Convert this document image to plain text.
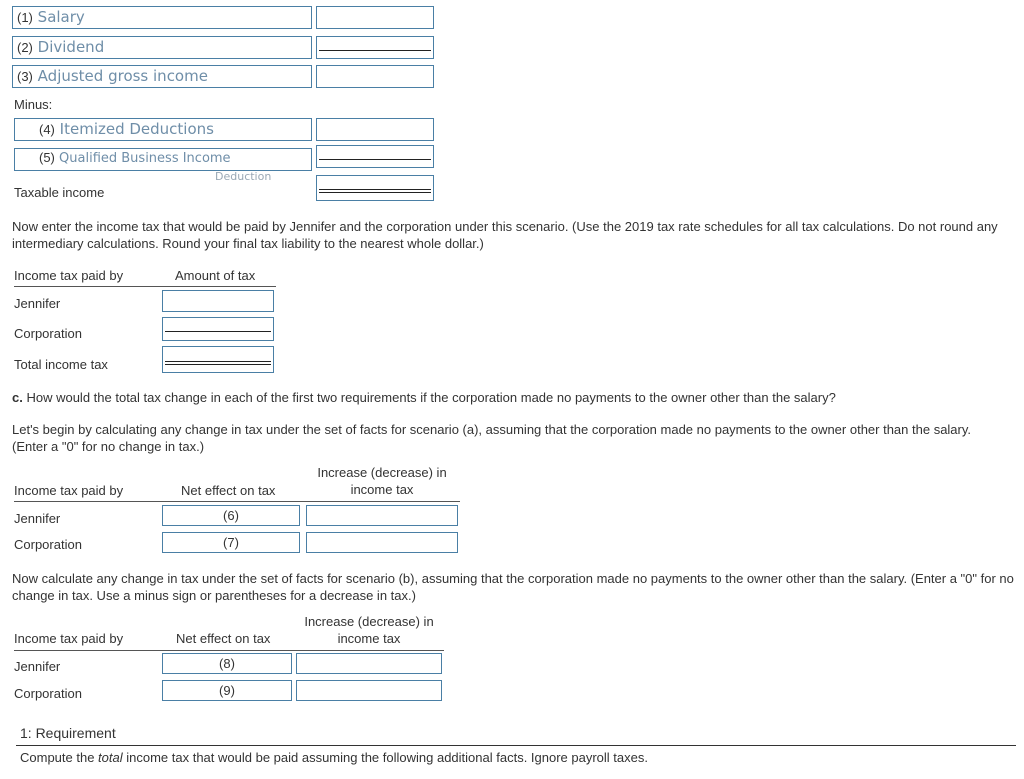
(1) Salary
(2) Dividend
(3) Adjusted gross income
Minus:
(4) Itemized Deductions
(5) Qualified Business Income
Deduction
Taxable income
Now enter the income tax that would be paid by Jennifer and the corporation under this scenario. (Use the 2019 tax rate schedules for all tax calculations. Do not round any intermediary calculations. Round your final tax liability to the nearest whole dollar.)
Income tax paid by	Amount of tax
Jennifer
Corporation
Total income tax
c. How would the total tax change in each of the first two requirements if the corporation made no payments to the owner other than the salary?
Let's begin by calculating any change in tax under the set of facts for scenario (a), assuming that the corporation made no payments to the owner other than the salary. (Enter a "0" for no change in tax.)
Increase (decrease) in
income tax
Income tax paid by	Net effect on tax
Jennifer	(6)
Corporation	(7)
Now calculate any change in tax under the set of facts for scenario (b), assuming that the corporation made no payments to the owner other than the salary. (Enter a "0" for no change in tax. Use a minus sign or parentheses for a decrease in tax.)
Increase (decrease) in
income tax
Income tax paid by	Net effect on tax
Jennifer	(8)
Corporation	(9)
1: Requirement
Compute the total income tax that would be paid assuming the following additional facts. Ignore payroll taxes.
